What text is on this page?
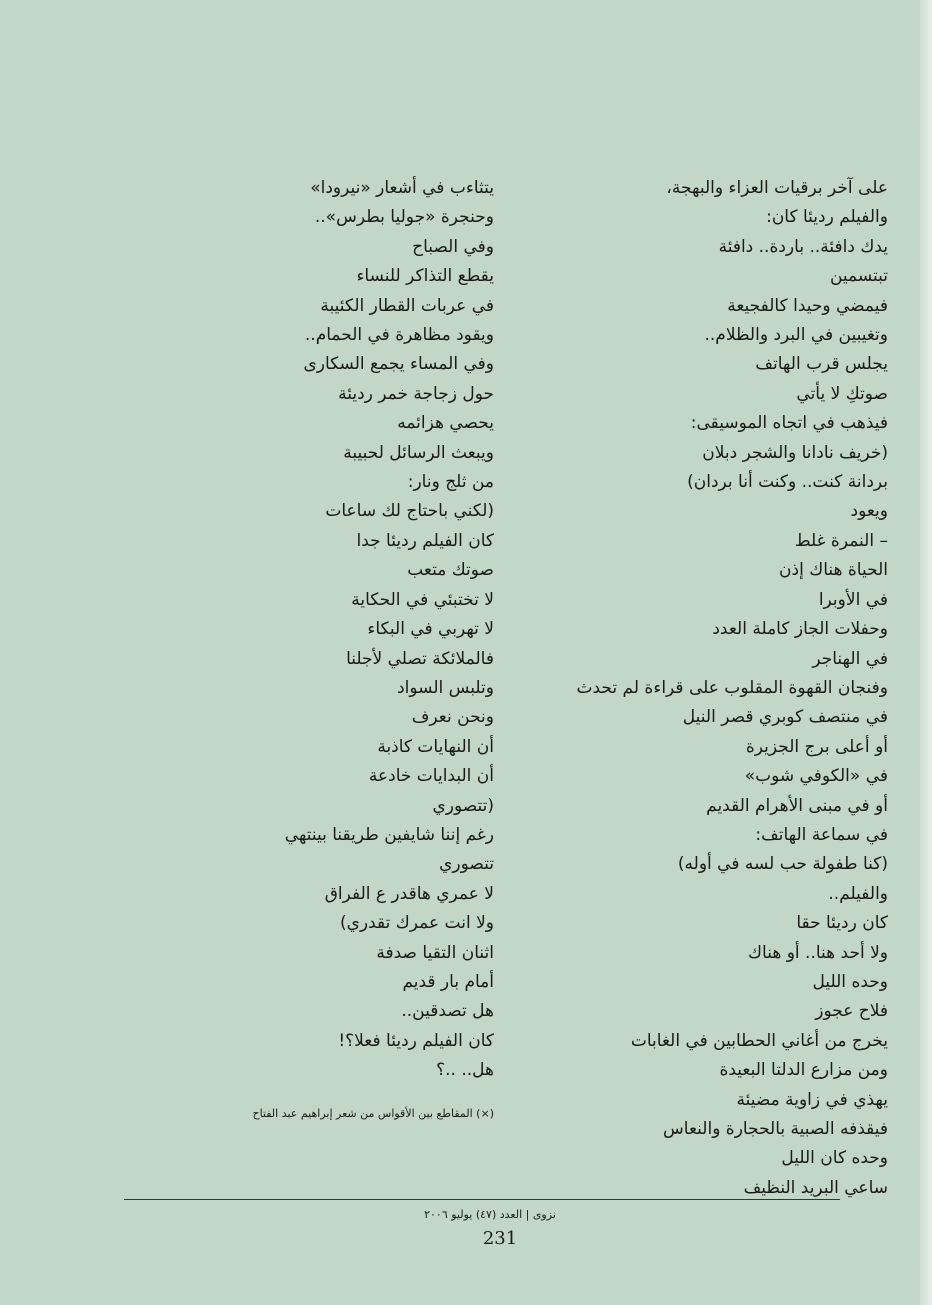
على آخر برقيات العزاء والبهجة،
والفيلم رديئا كان:
يدك دافئة.. باردة.. دافئة
تبتسمين
فيمضي وحيدا كالفجيعة
وتغيبين في البرد والظلام..
يجلس قرب الهاتف
صوتكِ لا يأتي
فيذهب في اتجاه الموسيقى:
(خريف نادانا والشجر دبلان
بردانة كنت.. وكنت أنا بردان)
ويعود
– النمرة غلط
الحياة هناك إذن
في الأوبرا
وحفلات الجاز كاملة العدد
في الهناجر
وفنجان القهوة المقلوب على قراءة لم تحدث
في منتصف كوبري قصر النيل
أو أعلى برج الجزيرة
في «الكوفي شوب»
أو في مبنى الأهرام القديم
في سماعة الهاتف:
(كنا طفولة حب لسه في أوله)
والفيلم..
كان رديئا حقا
ولا أحد هنا.. أو هناك
وحده الليل
فلاح عجوز
يخرج من أغاني الحطابين في الغابات
ومن مزارع الدلتا البعيدة
يهذي في زاوية مضيئة
فيقذفه الصبية بالحجارة والنعاس
وحده كان الليل
ساعي البريد النظيف
يتثاءب في أشعار «نيرودا»
وحنجرة «جوليا بطرس»..
وفي الصباح
يقطع التذاكر للنساء
في عربات القطار الكئيبة
ويقود مظاهرة في الحمام..
وفي المساء يجمع السكارى
حول زجاجة خمر رديئة
يحصي هزائمه
ويبعث الرسائل لحبيبة
من ثلج ونار:
(لكني باحتاج لك ساعات
كان الفيلم رديئا جدا
صوتك متعب
لا تختبئي في الحكاية
لا تهربي في البكاء
فالملائكة تصلي لأجلنا
وتلبس السواد
ونحن نعرف
أن النهايات كاذبة
أن البدايات خادعة
(تتصوري
رغم إننا شايفين طريقنا بينتهي
تتصوري
لا عمري هاقدر ع الفراق
ولا انت عمرك تقدري)
اثنان التقيا صدفة
أمام بار قديم
هل تصدقين..
كان الفيلم رديئا فعلا؟!
هل.. ..؟
(×) المقاطع بين الأقواس من شعر إبراهيم عبد الفتاح
نزوى | العدد (٤٧) يوليو ٢٠٠٦
231
